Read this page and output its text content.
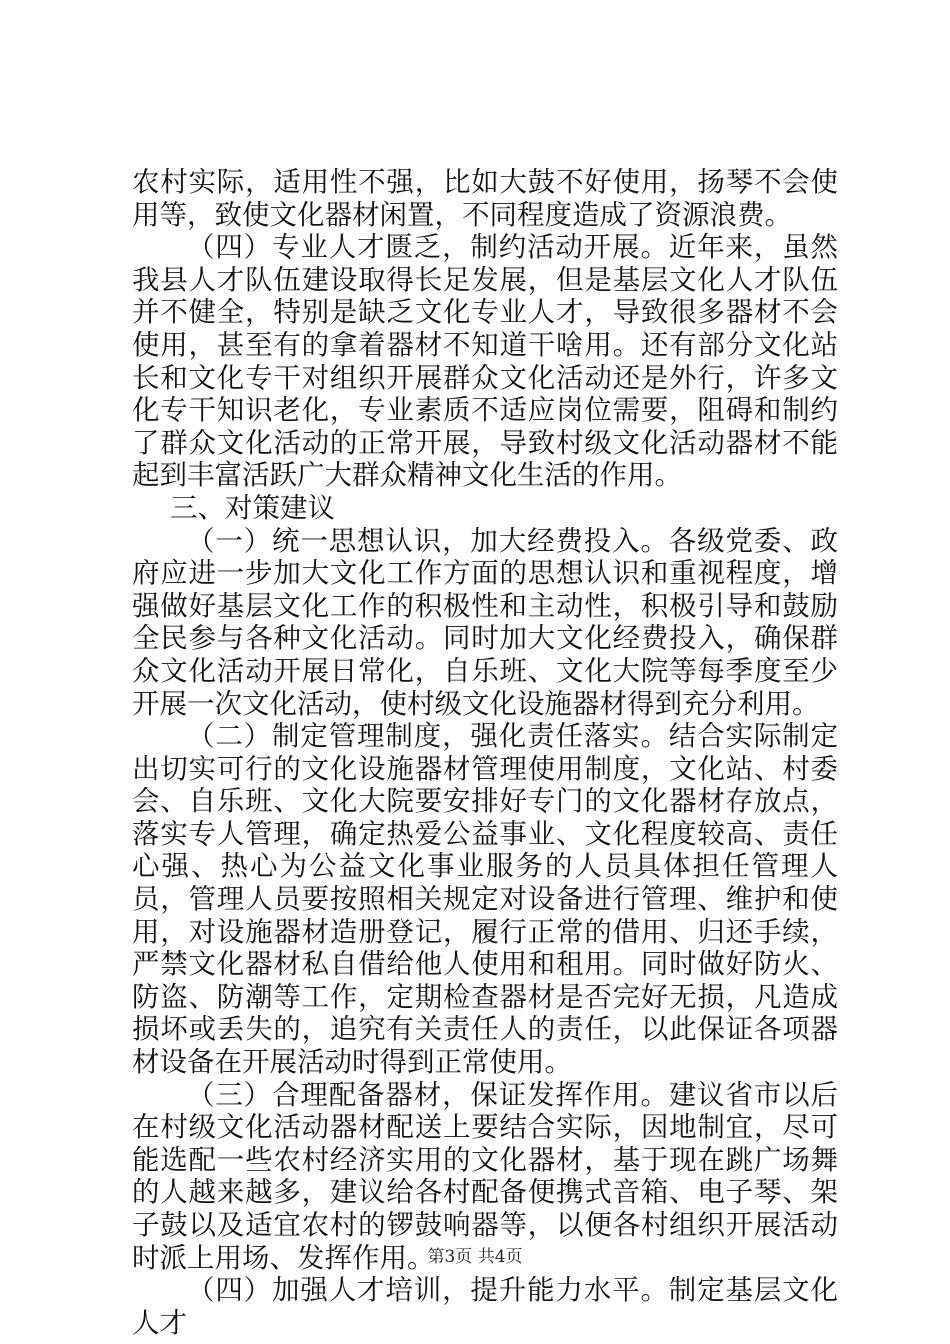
农村实际，适用性不强，比如大鼓不好使用，扬琴不会使用等，致使文化器材闲置，不同程度造成了资源浪费。

（四）专业人才匮乏，制约活动开展。近年来，虽然我县人才队伍建设取得长足发展，但是基层文化人才队伍并不健全，特别是缺乏文化专业人才，导致很多器材不会使用，甚至有的拿着器材不知道干啥用。还有部分文化站长和文化专干对组织开展群众文化活动还是外行，许多文化专干知识老化，专业素质不适应岗位需要，阻碍和制约了群众文化活动的正常开展，导致村级文化活动器材不能起到丰富活跃广大群众精神文化生活的作用。

三、对策建议

（一）统一思想认识，加大经费投入。各级党委、政府应进一步加大文化工作方面的思想认识和重视程度，增强做好基层文化工作的积极性和主动性，积极引导和鼓励全民参与各种文化活动。同时加大文化经费投入，确保群众文化活动开展日常化，自乐班、文化大院等每季度至少开展一次文化活动，使村级文化设施器材得到充分利用。

（二）制定管理制度，强化责任落实。结合实际制定出切实可行的文化设施器材管理使用制度，文化站、村委会、自乐班、文化大院要安排好专门的文化器材存放点，落实专人管理，确定热爱公益事业、文化程度较高、责任心强、热心为公益文化事业服务的人员具体担任管理人员，管理人员要按照相关规定对设备进行管理、维护和使用，对设施器材造册登记，履行正常的借用、归还手续，严禁文化器材私自借给他人使用和租用。同时做好防火、防盗、防潮等工作，定期检查器材是否完好无损，凡造成损坏或丢失的，追究有关责任人的责任，以此保证各项器材设备在开展活动时得到正常使用。

（三）合理配备器材，保证发挥作用。建议省市以后在村级文化活动器材配送上要结合实际，因地制宜，尽可能选配一些农村经济实用的文化器材，基于现在跳广场舞的人越来越多，建议给各村配备便携式音箱、电子琴、架子鼓以及适宜农村的锣鼓响器等，以便各村组织开展活动时派上用场、发挥作用。

（四）加强人才培训，提升能力水平。制定基层文化人才

第3页 共4页
